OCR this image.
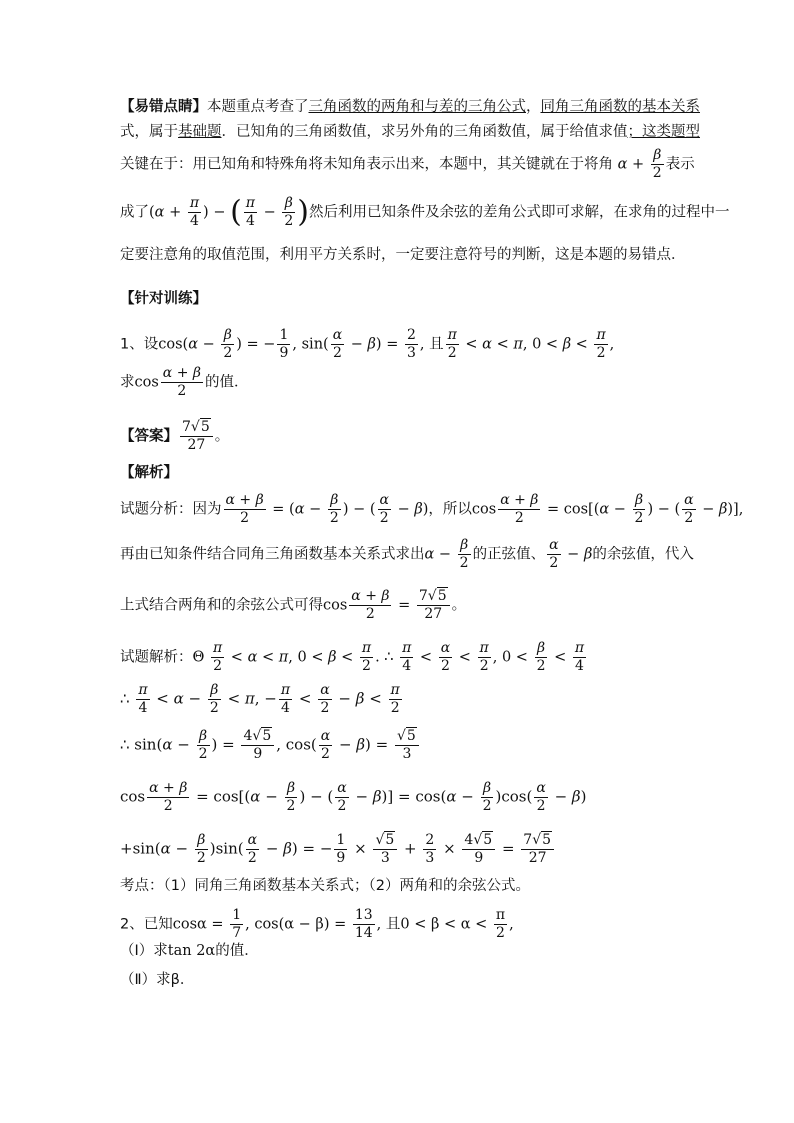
【易错点睛】本题重点考查了三角函数的两角和与差的三角公式，同角三角函数的基本关系
式，属于基础题．已知角的三角函数值，求另外角的三角函数值，属于给值求值；这类题型
关键在于：用已知角和特殊角将未知角表示出来，本题中，其关键就在于将角 $\alpha + \frac{\beta}{2}$ 表示
成了($\alpha + \frac{\pi}{4}$ ) − ( $\frac{\pi}{4} - \frac{\beta}{2}$ )然后利用已知条件及余弦的差角公式即可求解，在求角的过程中一
定要注意角的取值范围，利用平方关系时，一定要注意符号的判断，这是本题的易错点．
【针对训练】
1、设$\cos(\alpha - \frac{\beta}{2}$ ) = − $\frac{1}{9}$ , $\sin( \frac{\alpha}{2} - \beta) = \frac{2}{3}$ , 且 $\frac{\pi}{2} < \alpha < \pi$, $0 < \beta < \frac{\pi}{2}$ ,
求$\cos \frac{\alpha + \beta}{2}$ 的值．
【答案】 $\frac{7√5}{27}$ 。
【解析】
试题分析：因为 $\frac{\alpha + \beta}{2} = (\alpha - \frac{\beta}{2}$ ) − ( $\frac{\alpha}{2} - \beta$)，所以$\cos \frac{\alpha + \beta}{2} = \cos[(\alpha - \frac{\beta}{2}$ ) − ( $\frac{\alpha}{2} - \beta$)],
再由已知条件结合同角三角函数基本关系式求出$\alpha - \frac{\beta}{2}$ 的正弦值、 $\frac{\alpha}{2} - \beta$的余弦值，代入
上式结合两角和的余弦公式可得$\cos \frac{\alpha + \beta}{2} = \frac{7√5}{27}$ 。
试题解析：Θ $\frac{\pi}{2} < \alpha < \pi$, $0 < \beta < \frac{\pi}{2}$ . ∴ $\frac{\pi}{4} < \frac{\alpha}{2} < \frac{\pi}{2}$ , $0 < \frac{\beta}{2} < \frac{\pi}{4}$
∴ $\frac{\pi}{4} < \alpha - \frac{\beta}{2} < \pi$, − $\frac{\pi}{4} < \frac{\alpha}{2} - \beta < \frac{\pi}{2}$
∴ $\sin(\alpha - \frac{\beta}{2}$ ) = $\frac{4√5}{9}$ , $\cos( \frac{\alpha}{2} - \beta) = \frac{√5}{3}$
$\cos \frac{\alpha + \beta}{2} = \cos[(\alpha - \frac{\beta}{2}$ ) − ( $\frac{\alpha}{2} - \beta)] = \cos(\alpha - \frac{\beta}{2} )\cos( \frac{\alpha}{2} - \beta)$
$+\sin(\alpha - \frac{\beta}{2} )\sin( \frac{\alpha}{2} - \beta)$ = − $\frac{1}{9} \times \frac{√5}{3} + \frac{2}{3} \times \frac{4√5}{9} = \frac{7√5}{27}$
考点：（1）同角三角函数基本关系式；（2）两角和的余弦公式。
2、已知$\cos\alpha = \frac{1}{7}$ , $\cos(\alpha - \beta) = \frac{13}{14}$ , 且$0 < \beta < \alpha < \frac{\pi}{2}$ ,
（Ⅰ）求tan 2α的值．
（Ⅱ）求β．
